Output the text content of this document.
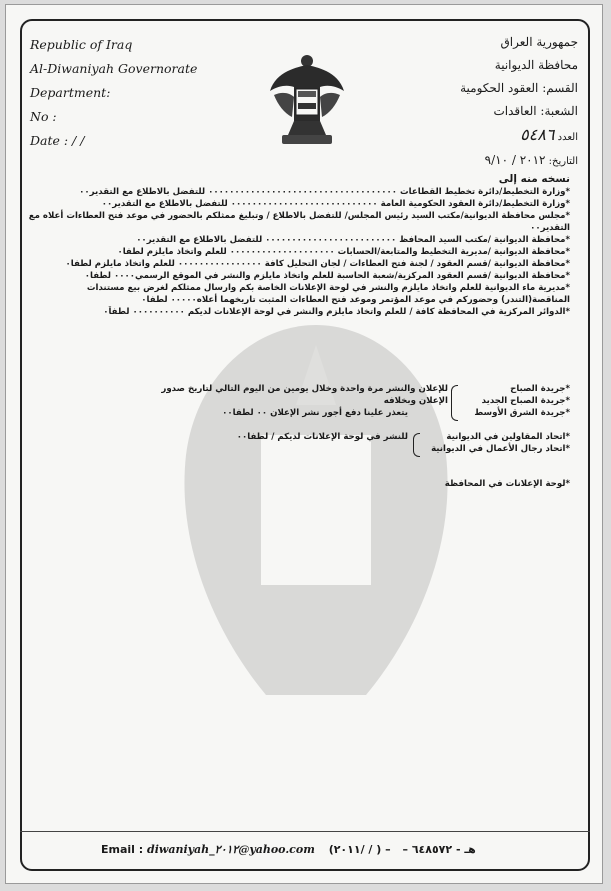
Republic of Iraq
Al-Diwaniyah Governorate
Department:
No :
Date : / /
جمهورية العراق
محافظة الديوانية
القسم: العقود الحكومية
الشعبة: العاقدات
العدد ٥٤٨٦
التاريخ: ٢٠١٢ / ٩/١٠
نسخه منه إلى
*وزارة التخطيط/دائرة تخطيط القطاعات ٠٠٠٠٠٠٠٠٠٠٠٠٠٠٠٠٠٠٠٠٠٠٠٠٠٠٠٠٠٠٠٠٠٠٠٠ للتفضل بالاطلاع مع التقدير٠٠
*وزارة التخطيط/دائرة العقود الحكومية العامة ٠٠٠٠٠٠٠٠٠٠٠٠٠٠٠٠٠٠٠٠٠٠٠٠٠٠٠٠ للتفضل بالاطلاع مع التقدير٠٠
*مجلس محافظة الديوانية/مكتب السيد رئيس المجلس/ للتفضل بالاطلاع / وتبليغ ممثلكم بالحضور في موعد فتح العطاءات أعلاه مع التقدير٠٠
*محافظة الديوانية /مكتب السيد المحافظ ٠٠٠٠٠٠٠٠٠٠٠٠٠٠٠٠٠٠٠٠٠٠٠٠٠ للتفضل بالاطلاع مع التقدير٠٠
*محافظة الديوانية /مديرية التخطيط والمتابعة/الحسابات ٠٠٠٠٠٠٠٠٠٠٠٠٠٠٠٠٠٠٠٠ للعلم واتخاذ مايلزم لطفا٠
*محافظة الديوانية /قسم العقود / لجنة فتح العطاءات / لجان التحليل كافة ٠٠٠٠٠٠٠٠٠٠٠٠٠٠٠٠ للعلم واتخاذ مايلزم لطفا٠
*محافظة الديوانية /قسم العقود المركزية/شعبة الحاسبة للعلم واتخاذ مايلزم والنشر في الموقع الرسمي٠٠٠٠ لطفا٠
*مديرية ماء الديوانية للعلم واتخاذ مايلزم والنشر في لوحة الإعلانات الخاصة بكم وارسال ممثلكم لغرض بيع مستندات المناقصة(التندر) وحضوركم في موعد المؤتمر وموعد فتح العطاءات المثبت تاريخهما أعلاه٠٠٠٠٠ لطفا٠
*الدوائر المركزية في المحافظة كافة / للعلم واتخاذ مايلزم والنشر في لوحة الإعلانات لديكم ٠٠٠٠٠٠٠٠٠٠ لطفاً٠
*جريدة الصباح
*جريدة الصباح الجديد
*جريدة الشرق الأوسط
للإعلان والنشر مرة واحدة وخلال يومين من اليوم التالي لتاريخ صدور الإعلان وبخلافه
يتعذر علينا دفع أجور نشر الإعلان ٠٠ لطفا٠٠
*اتحاد المقاولين في الديوانية
*اتحاد رجال الأعمال في الديوانية
للنشر في لوحة الإعلانات لديكم / لطفا٠٠
*لوحة الإعلانات في المحافظة
Email : diwaniyah_٢٠١٢@yahoo.com (٢٠١١/ / ) – هـ - ٦٤٨٥٧٢ –
